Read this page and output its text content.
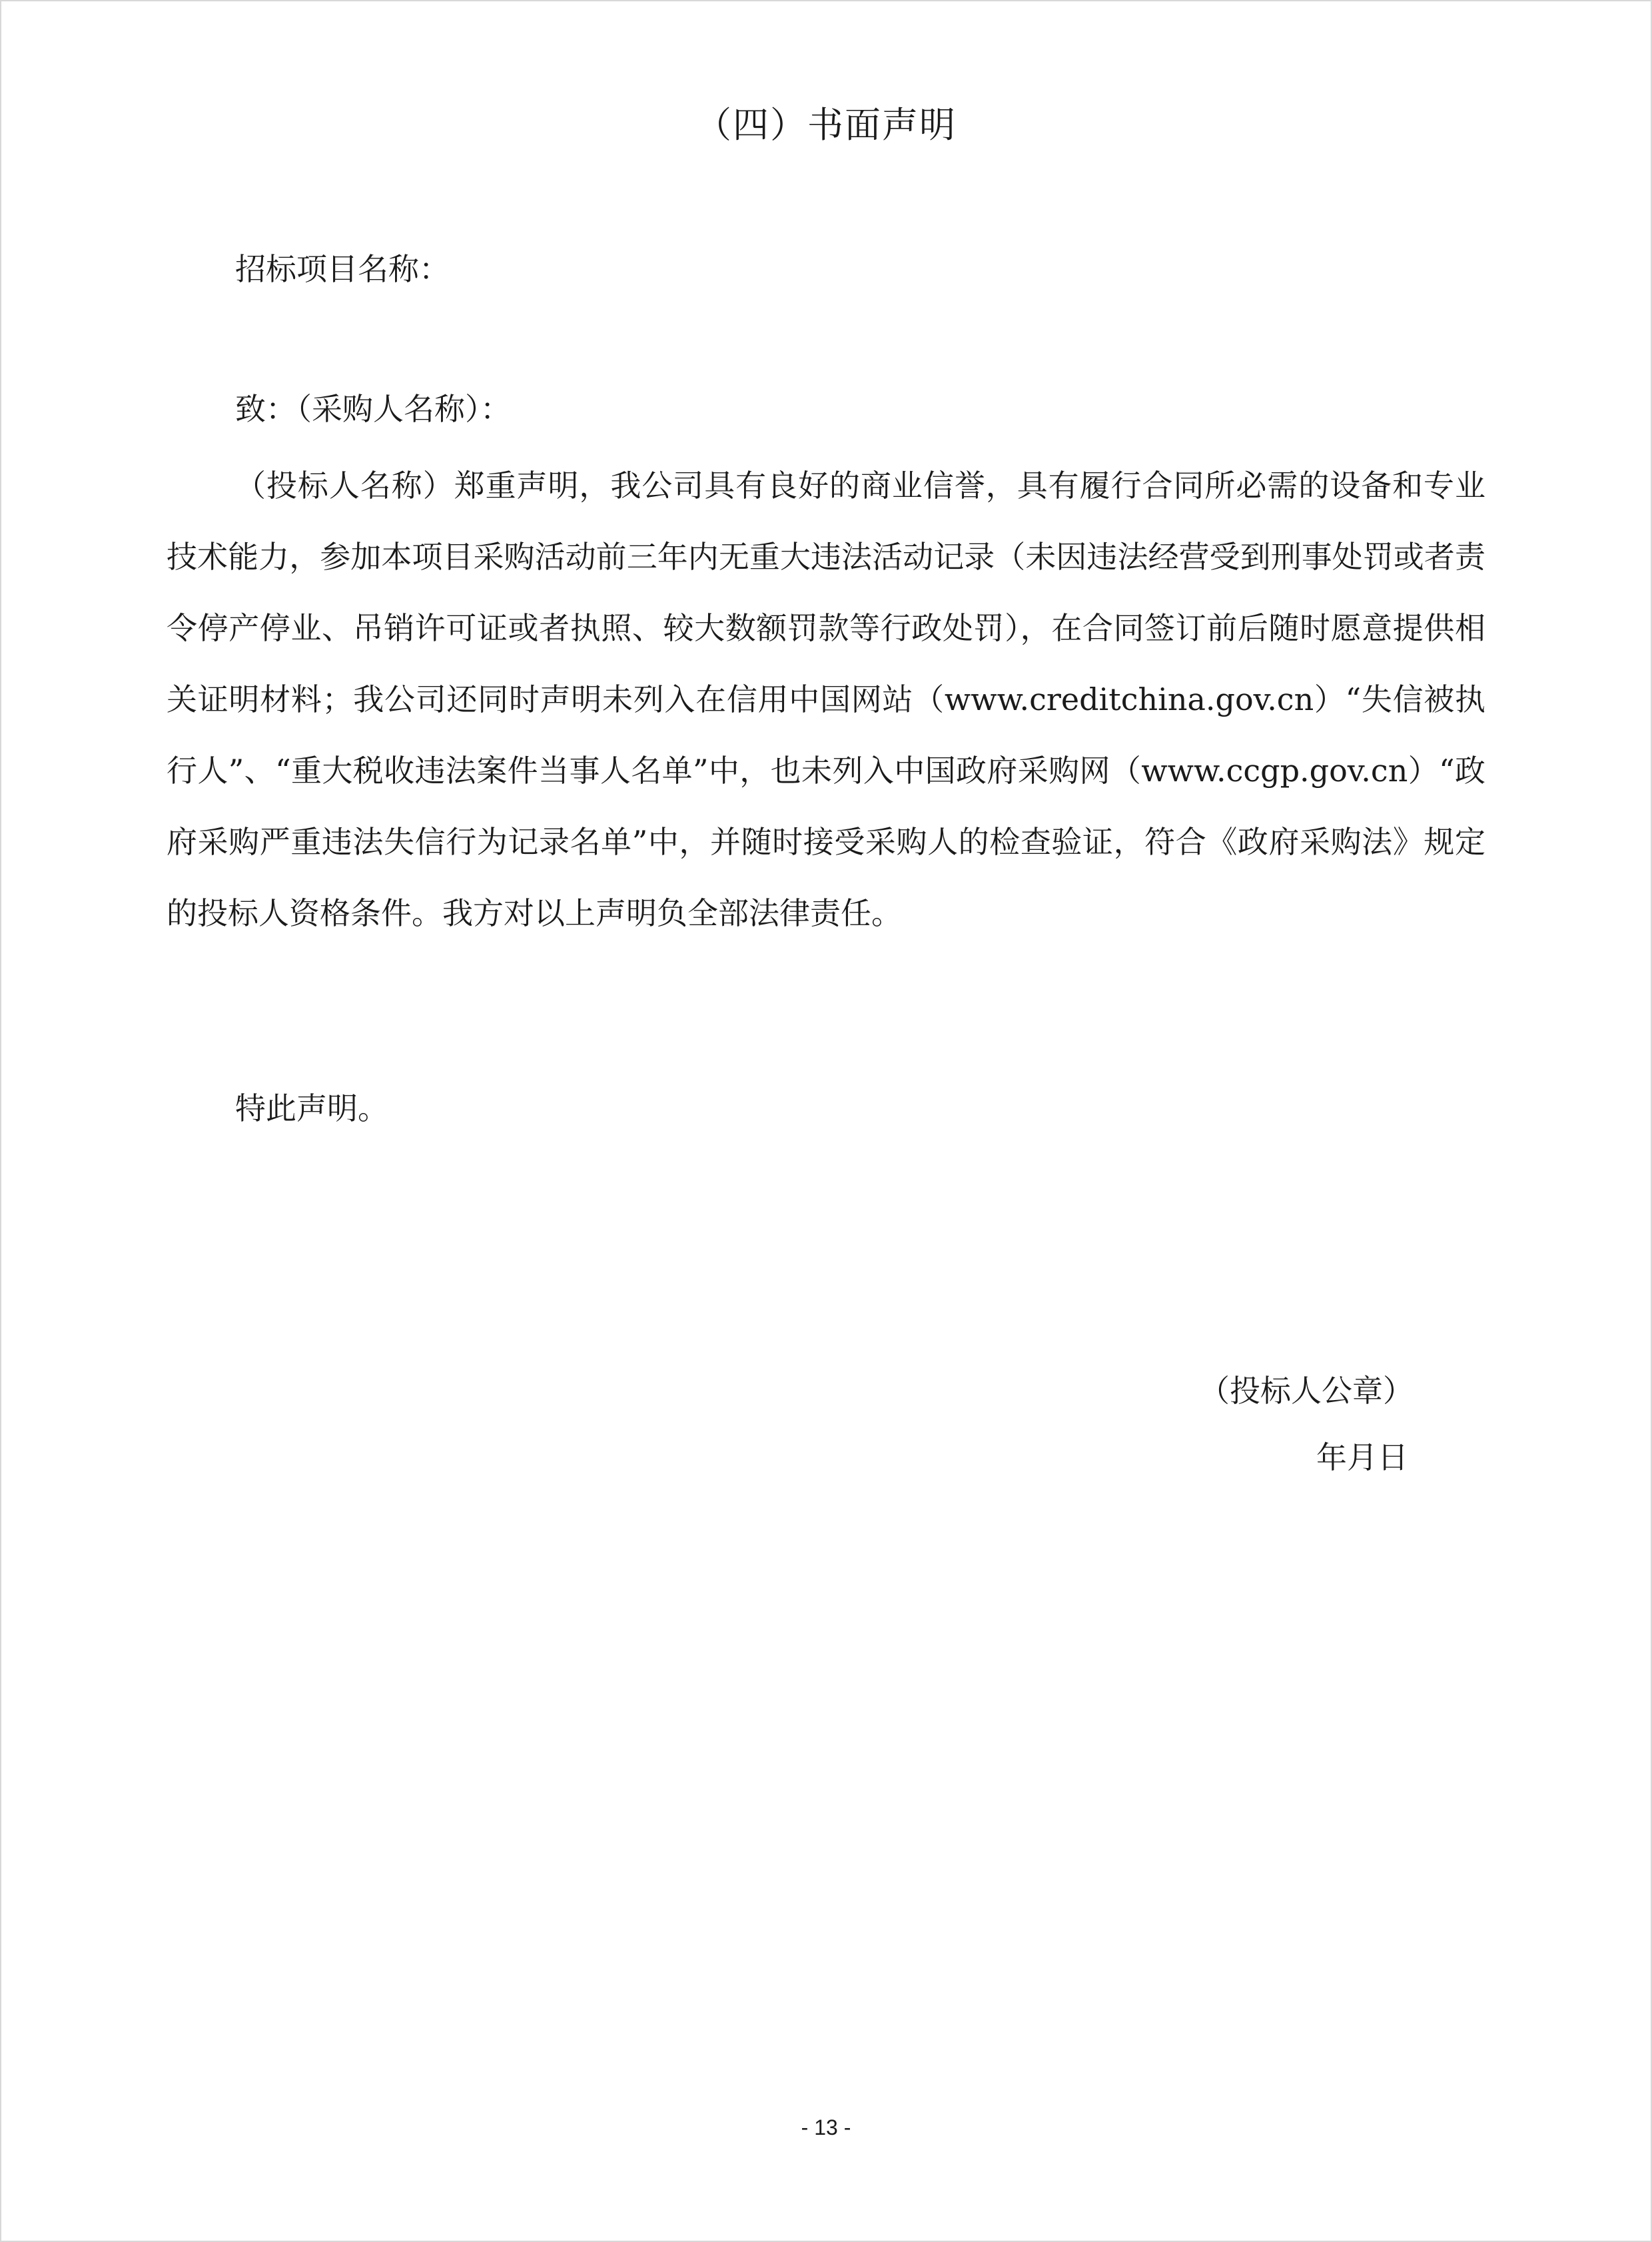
（四）书面声明
招标项目名称：
致：（采购人名称）：
（投标人名称）郑重声明，我公司具有良好的商业信誉，具有履行合同所必需的设备和专业技术能力，参加本项目采购活动前三年内无重大违法活动记录（未因违法经营受到刑事处罚或者责令停产停业、吊销许可证或者执照、较大数额罚款等行政处罚），在合同签订前后随时愿意提供相关证明材料；我公司还同时声明未列入在信用中国网站（www.creditchina.gov.cn）“失信被执行人”、“重大税收违法案件当事人名单”中，也未列入中国政府采购网（www.ccgp.gov.cn）“政府采购严重违法失信行为记录名单”中，并随时接受采购人的检查验证，符合《政府采购法》规定的投标人资格条件。我方对以上声明负全部法律责任。
特此声明。
（投标人公章）
年月日
- 13 -
